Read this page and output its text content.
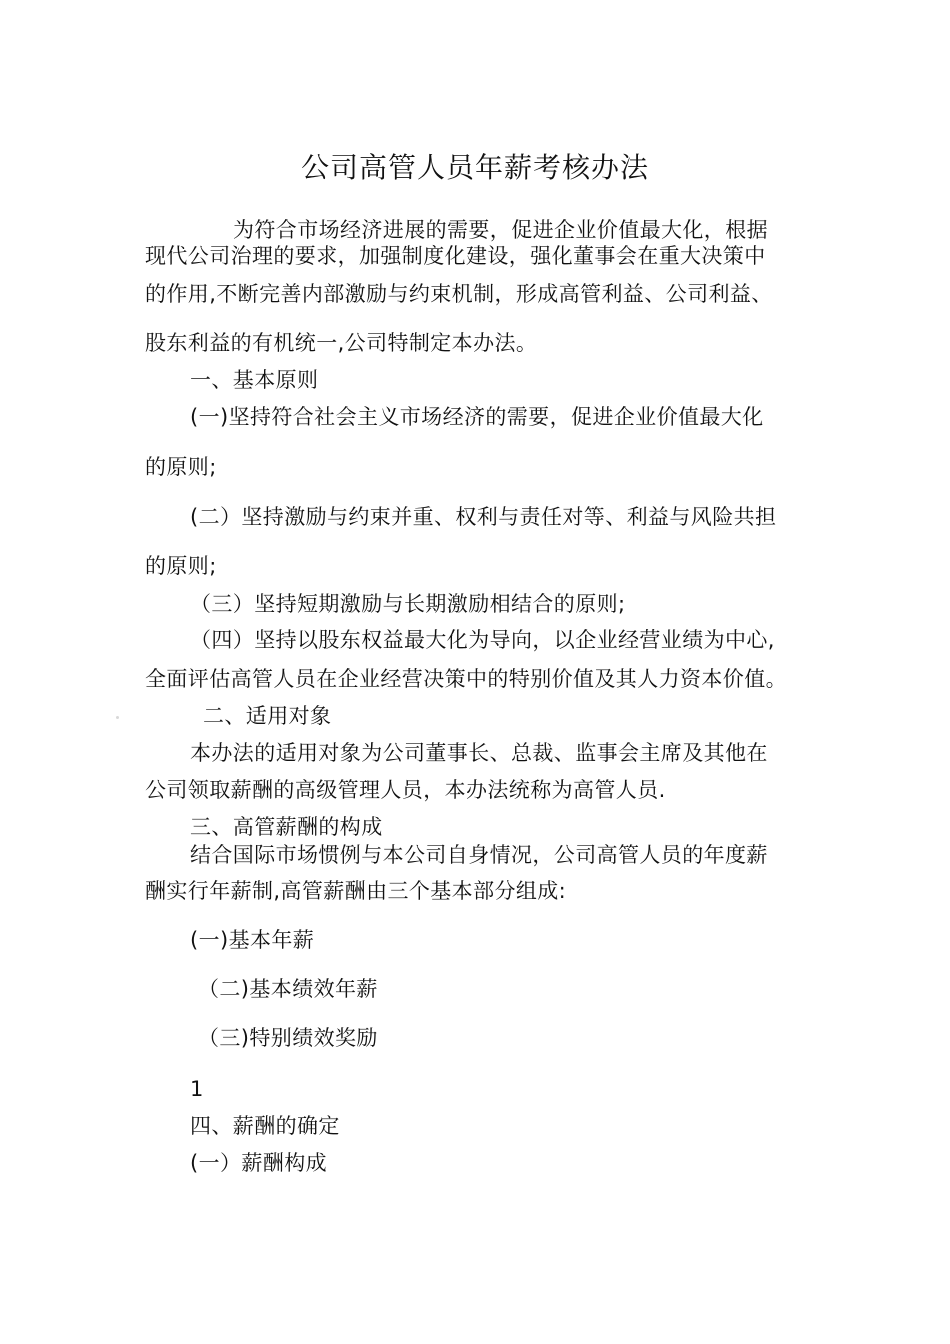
公司高管人员年薪考核办法
为符合市场经济进展的需要，促进企业价值最大化，根据
现代公司治理的要求，加强制度化建设，强化董事会在重大决策中
的作用,不断完善内部激励与约束机制，形成高管利益、公司利益、
股东利益的有机统一,公司特制定本办法。
一、基本原则
(一)坚持符合社会主义市场经济的需要，促进企业价值最大化
的原则;
(二）坚持激励与约束并重、权利与责任对等、利益与风险共担
的原则;
（三）坚持短期激励与长期激励相结合的原则;
（四）坚持以股东权益最大化为导向，以企业经营业绩为中心,
全面评估高管人员在企业经营决策中的特别价值及其人力资本价值。
二、适用对象
本办法的适用对象为公司董事长、总裁、监事会主席及其他在
公司领取薪酬的高级管理人员，本办法统称为高管人员.
三、高管薪酬的构成
结合国际市场惯例与本公司自身情况，公司高管人员的年度薪
酬实行年薪制,高管薪酬由三个基本部分组成:
(一)基本年薪
（二)基本绩效年薪
（三)特别绩效奖励
1
四、薪酬的确定
(一）薪酬构成
